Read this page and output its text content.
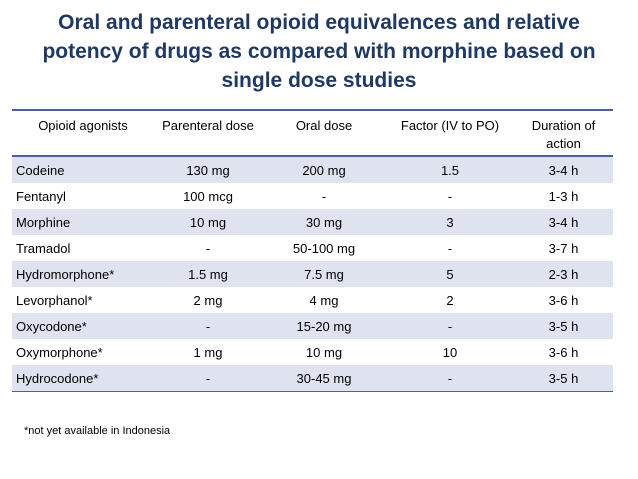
Oral and parenteral opioid equivalences and relative potency of drugs as compared with morphine based on single dose studies
Opioid agonists	Parenteral dose	Oral dose	Factor (IV to PO)	Duration of action
Codeine	130 mg	200 mg	1.5	3-4 h
Fentanyl	100 mcg	-	-	1-3 h
Morphine	10 mg	30 mg	3	3-4 h
Tramadol	-	50-100 mg	-	3-7 h
Hydromorphone*	1.5 mg	7.5 mg	5	2-3 h
Levorphanol*	2 mg	4 mg	2	3-6 h
Oxycodone*	-	15-20 mg	-	3-5 h
Oxymorphone*	1 mg	10 mg	10	3-6 h
Hydrocodone*	-	30-45 mg	-	3-5 h
*not yet available in Indonesia
